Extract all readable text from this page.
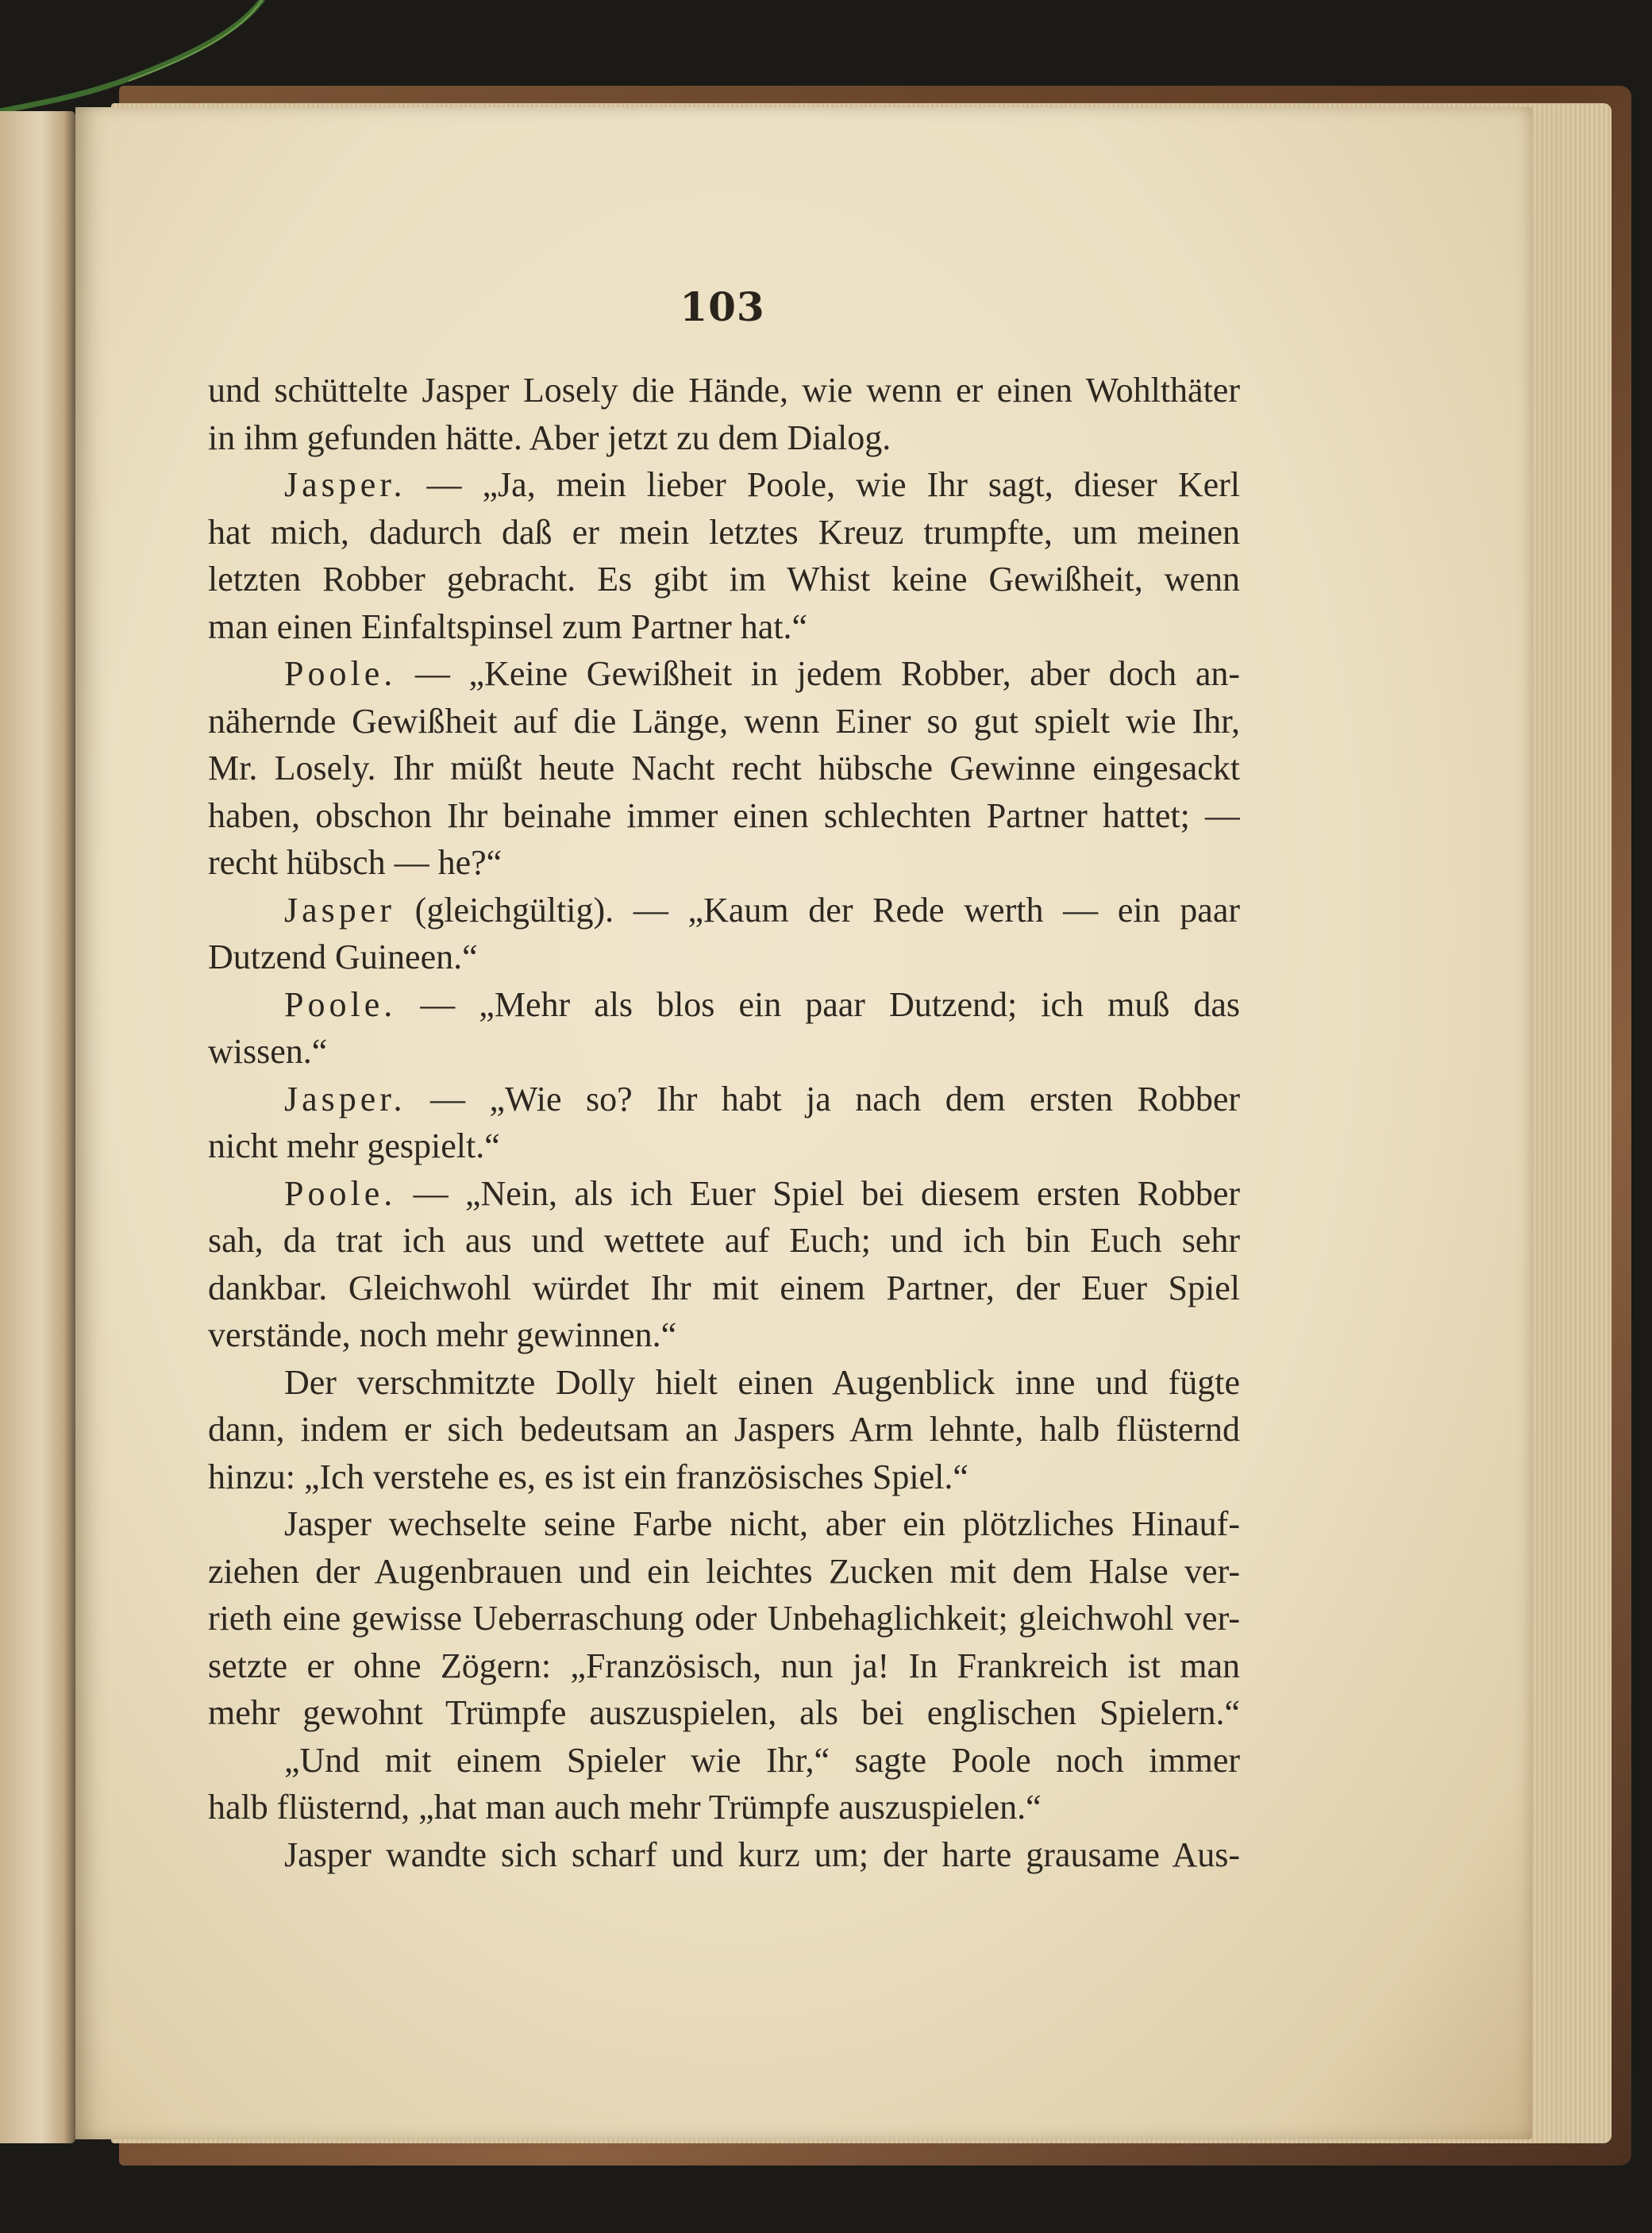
103
und schüttelte Jasper Losely die Hände, wie wenn er einen Wohlthäter
in ihm gefunden hätte. Aber jetzt zu dem Dialog.
Jasper. — „Ja, mein lieber Poole, wie Ihr sagt, dieser Kerl
hat mich, dadurch daß er mein letztes Kreuz trumpfte, um meinen
letzten Robber gebracht. Es gibt im Whist keine Gewißheit, wenn
man einen Einfaltspinsel zum Partner hat.“
Poole. — „Keine Gewißheit in jedem Robber, aber doch an-
nähernde Gewißheit auf die Länge, wenn Einer so gut spielt wie Ihr,
Mr. Losely. Ihr müßt heute Nacht recht hübsche Gewinne eingesackt
haben, obschon Ihr beinahe immer einen schlechten Partner hattet; —
recht hübsch — he?“
Jasper (gleichgültig). — „Kaum der Rede werth — ein paar
Dutzend Guineen.“
Poole. — „Mehr als blos ein paar Dutzend; ich muß das
wissen.“
Jasper. — „Wie so? Ihr habt ja nach dem ersten Robber
nicht mehr gespielt.“
Poole. — „Nein, als ich Euer Spiel bei diesem ersten Robber
sah, da trat ich aus und wettete auf Euch; und ich bin Euch sehr
dankbar. Gleichwohl würdet Ihr mit einem Partner, der Euer Spiel
verstände, noch mehr gewinnen.“
Der verschmitzte Dolly hielt einen Augenblick inne und fügte
dann, indem er sich bedeutsam an Jaspers Arm lehnte, halb flüsternd
hinzu: „Ich verstehe es, es ist ein französisches Spiel.“
Jasper wechselte seine Farbe nicht, aber ein plötzliches Hinauf-
ziehen der Augenbrauen und ein leichtes Zucken mit dem Halse ver-
rieth eine gewisse Ueberraschung oder Unbehaglichkeit; gleichwohl ver-
setzte er ohne Zögern: „Französisch, nun ja! In Frankreich ist man
mehr gewohnt Trümpfe auszuspielen, als bei englischen Spielern.“
„Und mit einem Spieler wie Ihr,“ sagte Poole noch immer
halb flüsternd, „hat man auch mehr Trümpfe auszuspielen.“
Jasper wandte sich scharf und kurz um; der harte grausame Aus-
